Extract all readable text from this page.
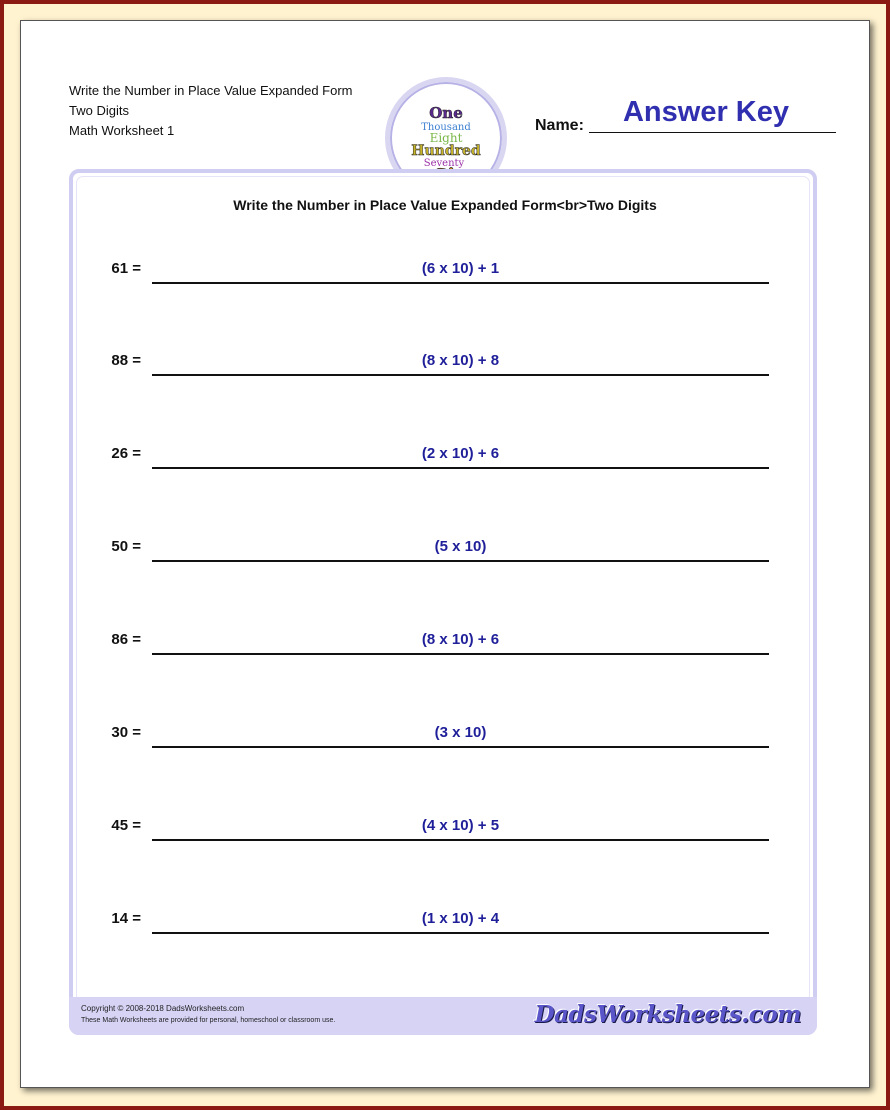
Write the Number in Place Value Expanded Form
Two Digits
Math Worksheet 1
One
Thousand
Eight
Hundred
Seventy
Name:	Answer Key
Write the Number in Place Value Expanded Form<br>Two Digits
61 =	(6 x 10) + 1
88 =	(8 x 10) + 8
26 =	(2 x 10) + 6
50 =	(5 x 10)
86 =	(8 x 10) + 6
30 =	(3 x 10)
45 =	(4 x 10) + 5
14 =	(1 x 10) + 4
Copyright © 2008-2018 DadsWorksheets.com
These Math Worksheets are provided for personal, homeschool or classroom use.	DadsWorksheets.com
